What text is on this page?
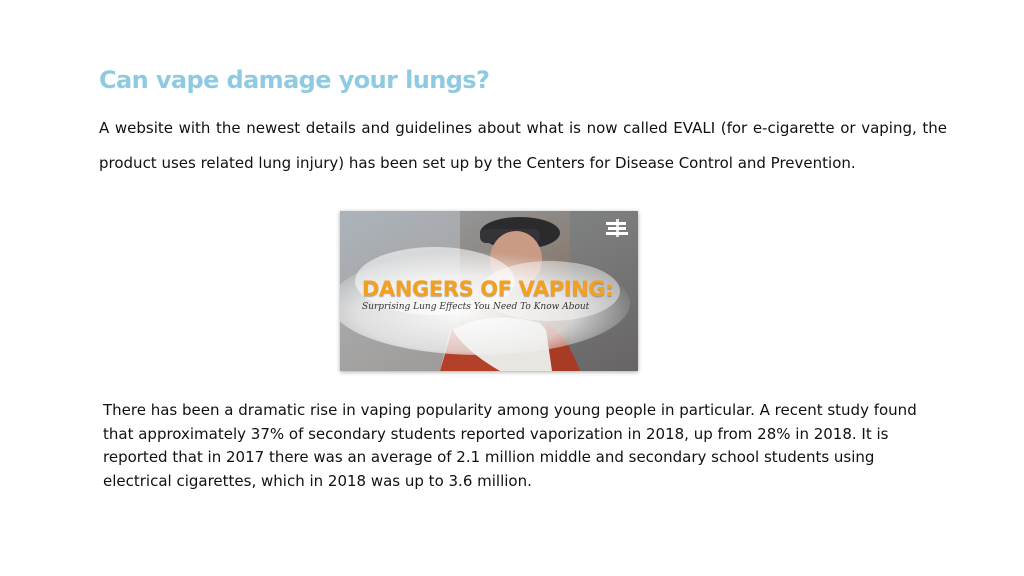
Can vape damage your lungs?
A website with the newest details and guidelines about what is now called EVALI (for e-cigarette or vaping, the product uses related lung injury) has been set up by the Centers for Disease Control and Prevention.
DANGERS OF VAPING:
Surprising Lung Effects You Need To Know About
There has been a dramatic rise in vaping popularity among young people in particular. A recent study found that approximately 37% of secondary students reported vaporization in 2018, up from 28% in 2018. It is reported that in 2017 there was an average of 2.1 million middle and secondary school students using electrical cigarettes, which in 2018 was up to 3.6 million.
